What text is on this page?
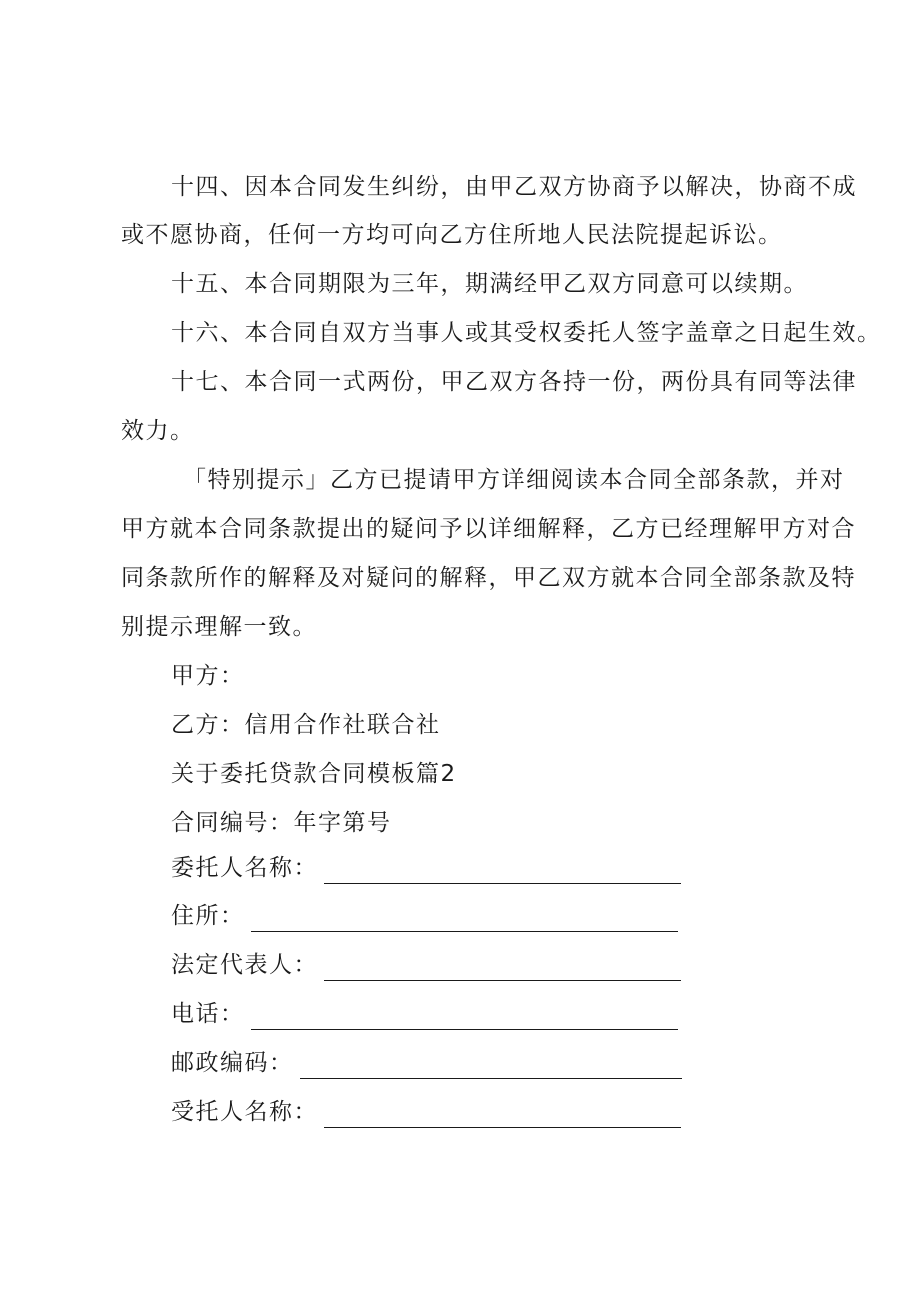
十四、因本合同发生纠纷，由甲乙双方协商予以解决，协商不成

或不愿协商，任何一方均可向乙方住所地人民法院提起诉讼。

十五、本合同期限为三年，期满经甲乙双方同意可以续期。

十六、本合同自双方当事人或其受权委托人签字盖章之日起生效。

十七、本合同一式两份，甲乙双方各持一份，两份具有同等法律

效力。

「特别提示」乙方已提请甲方详细阅读本合同全部条款，并对

甲方就本合同条款提出的疑问予以详细解释，乙方已经理解甲方对合

同条款所作的解释及对疑问的解释，甲乙双方就本合同全部条款及特

别提示理解一致。

甲方：

乙方：信用合作社联合社

关于委托贷款合同模板篇2

合同编号：年字第号

委托人名称：
住所：
法定代表人：
电话：
邮政编码：
受托人名称：
